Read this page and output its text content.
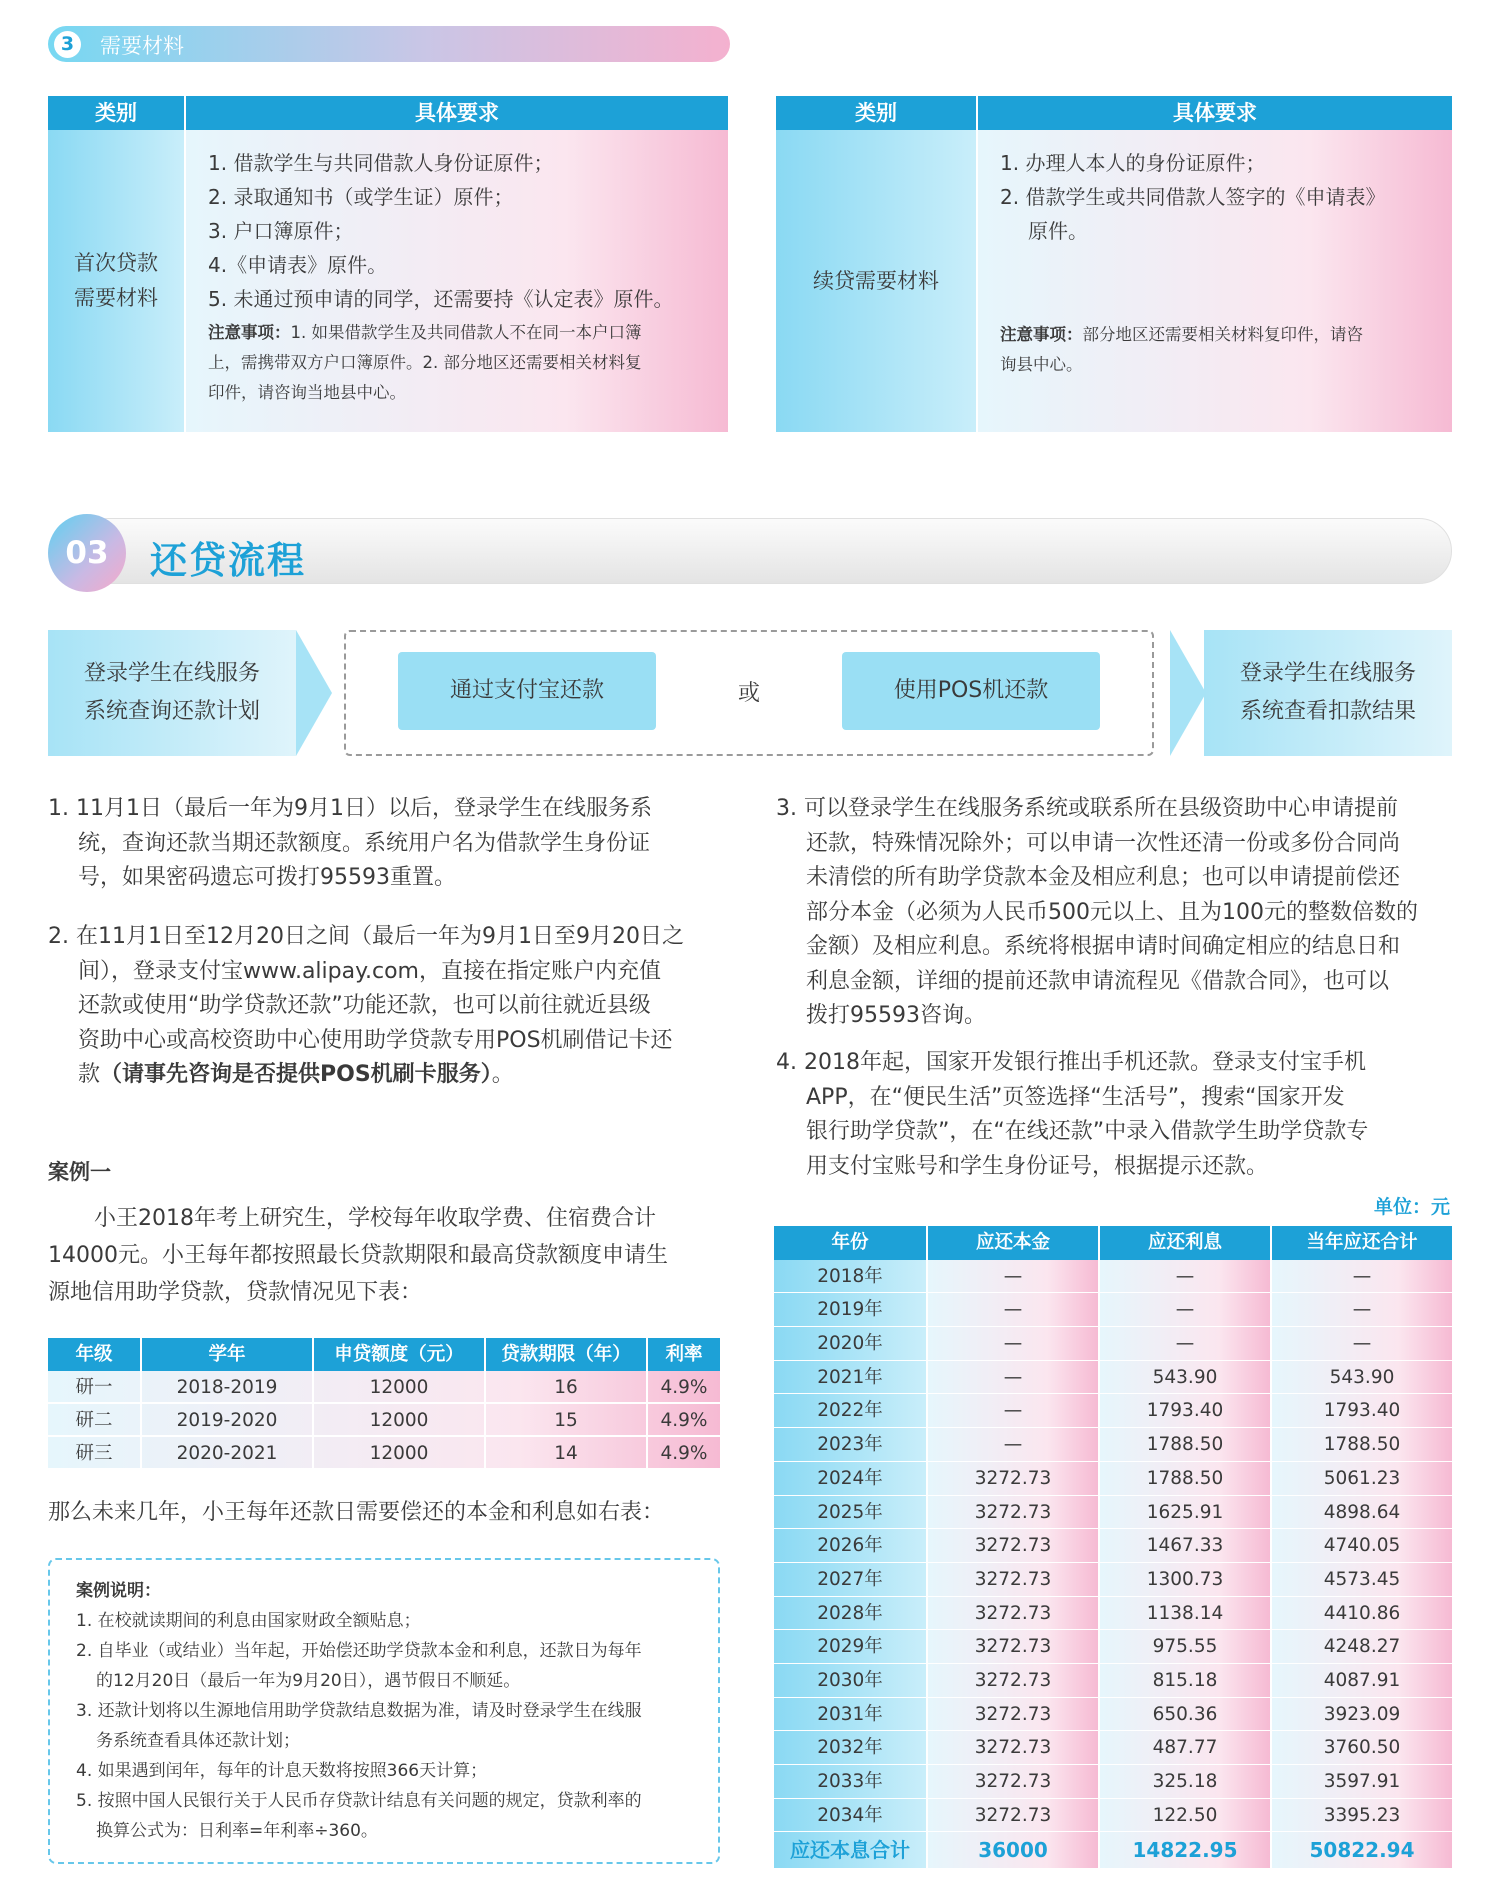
3	需要材料
类别	具体要求
首次贷款
需要材料
1. 借款学生与共同借款人身份证原件；
2. 录取通知书（或学生证）原件；
3. 户口簿原件；
4.《申请表》原件。
5. 未通过预申请的同学，还需要持《认定表》原件。
注意事项：1. 如果借款学生及共同借款人不在同一本户口簿
上，需携带双方户口簿原件。2. 部分地区还需要相关材料复
印件，请咨询当地县中心。
类别	具体要求
续贷需要材料
1. 办理人本人的身份证原件；
2. 借款学生或共同借款人签字的《申请表》
原件。
注意事项：部分地区还需要相关材料复印件，请咨
询县中心。
03	还贷流程
登录学生在线服务
系统查询还款计划
通过支付宝还款	或	使用POS机还款
登录学生在线服务
系统查看扣款结果
1. 11月1日（最后一年为9月1日）以后，登录学生在线服务系
统，查询还款当期还款额度。系统用户名为借款学生身份证
号，如果密码遗忘可拨打95593重置。
2. 在11月1日至12月20日之间（最后一年为9月1日至9月20日之
间），登录支付宝www.alipay.com，直接在指定账户内充值
还款或使用“助学贷款还款”功能还款，也可以前往就近县级
资助中心或高校资助中心使用助学贷款专用POS机刷借记卡还
款（请事先咨询是否提供POS机刷卡服务）。
3. 可以登录学生在线服务系统或联系所在县级资助中心申请提前
还款，特殊情况除外；可以申请一次性还清一份或多份合同尚
未清偿的所有助学贷款本金及相应利息；也可以申请提前偿还
部分本金（必须为人民币500元以上、且为100元的整数倍数的
金额）及相应利息。系统将根据申请时间确定相应的结息日和
利息金额，详细的提前还款申请流程见《借款合同》，也可以
拨打95593咨询。
4. 2018年起，国家开发银行推出手机还款。登录支付宝手机
APP，在“便民生活”页签选择“生活号”，搜索“国家开发
银行助学贷款”，在“在线还款”中录入借款学生助学贷款专
用支付宝账号和学生身份证号，根据提示还款。
案例一
小王2018年考上研究生，学校每年收取学费、住宿费合计
14000元。小王每年都按照最长贷款期限和最高贷款额度申请生
源地信用助学贷款，贷款情况见下表：
年级	学年	申贷额度（元）	贷款期限（年）	利率
研一	2018-2019	12000	16	4.9%
研二	2019-2020	12000	15	4.9%
研三	2020-2021	12000	14	4.9%
那么未来几年，小王每年还款日需要偿还的本金和利息如右表：
案例说明：
1. 在校就读期间的利息由国家财政全额贴息；
2. 自毕业（或结业）当年起，开始偿还助学贷款本金和利息，还款日为每年
的12月20日（最后一年为9月20日），遇节假日不顺延。
3. 还款计划将以生源地信用助学贷款结息数据为准，请及时登录学生在线服
务系统查看具体还款计划；
4. 如果遇到闰年，每年的计息天数将按照366天计算；
5. 按照中国人民银行关于人民币存贷款计结息有关问题的规定，贷款利率的
换算公式为：日利率=年利率÷360。
单位：元
年份	应还本金	应还利息	当年应还合计
2018年	—	—	—
2019年	—	—	—
2020年	—	—	—
2021年	—	543.90	543.90
2022年	—	1793.40	1793.40
2023年	—	1788.50	1788.50
2024年	3272.73	1788.50	5061.23
2025年	3272.73	1625.91	4898.64
2026年	3272.73	1467.33	4740.05
2027年	3272.73	1300.73	4573.45
2028年	3272.73	1138.14	4410.86
2029年	3272.73	975.55	4248.27
2030年	3272.73	815.18	4087.91
2031年	3272.73	650.36	3923.09
2032年	3272.73	487.77	3760.50
2033年	3272.73	325.18	3597.91
2034年	3272.73	122.50	3395.23
应还本息合计	36000	14822.95	50822.94
